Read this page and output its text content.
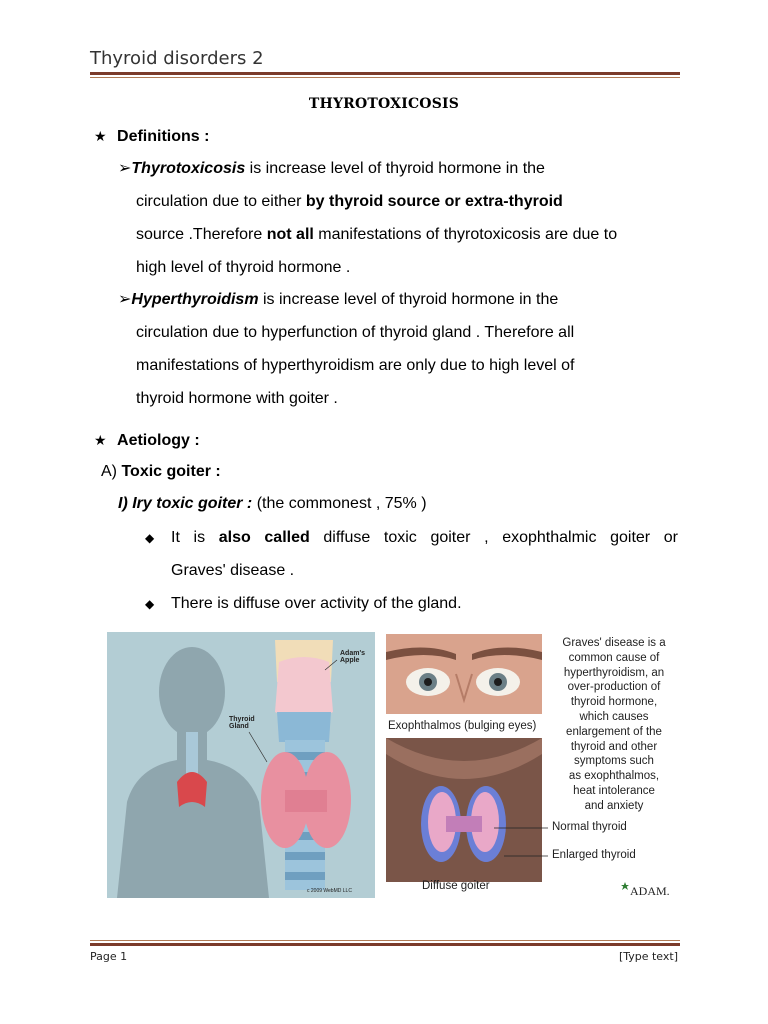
Thyroid disorders 2
THYROTOXICOSIS
★ Definitions :
➢Thyrotoxicosis is increase level of thyroid hormone in the
circulation due to either by thyroid source or extra-thyroid
source .Therefore not all manifestations of thyrotoxicosis are due to
high level of thyroid hormone .
➢Hyperthyroidism is increase level of thyroid hormone in the
circulation due to hyperfunction of thyroid gland . Therefore all
manifestations of hyperthyroidism are only due to high level of
thyroid hormone with goiter .
★ Aetiology :
A) Toxic goiter :
I) Iry toxic goiter : (the commonest , 75% )
◆ It is also called diffuse toxic goiter , exophthalmic goiter or
Graves' disease .
◆ There is diffuse over activity of the gland.
Adam's
Apple
Thyroid
Gland
c 2009 WebMD LLC
Graves' disease is a
common cause of
hyperthyroidism, an
over-production of
thyroid hormone,
which causes
enlargement of the
thyroid and other
symptoms such
as exophthalmos,
heat intolerance
and anxiety
Exophthalmos (bulging eyes)
Normal thyroid
Enlarged thyroid
Diffuse goiter	ADAM.
Page 1	[Type text]
